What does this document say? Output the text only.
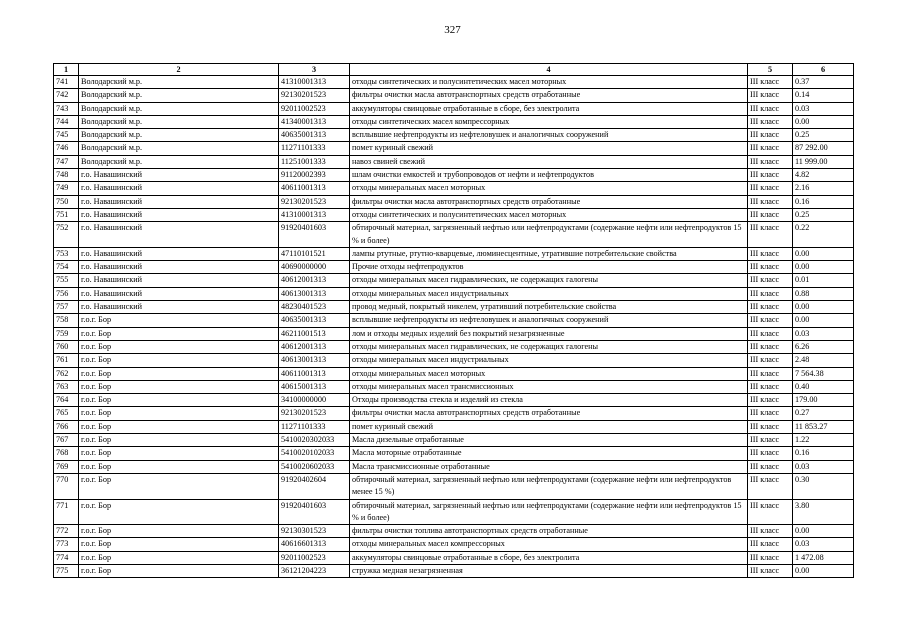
327
1	2	3	4	5	6
741	Володарский м.р.	41310001313	отходы синтетических и полусинтетических масел моторных	III класс	0.37
742	Володарский м.р.	92130201523	фильтры очистки масла автотранспортных средств отработанные	III класс	0.14
743	Володарский м.р.	92011002523	аккумуляторы свинцовые отработанные в сборе, без электролита	III класс	0.03
744	Володарский м.р.	41340001313	отходы синтетических масел компрессорных	III класс	0.00
745	Володарский м.р.	40635001313	всплывшие нефтепродукты из нефтеловушек и аналогичных сооружений	III класс	0.25
746	Володарский м.р.	11271101333	помет куриный свежий	III класс	87 292.00
747	Володарский м.р.	11251001333	навоз свиней свежий	III класс	11 999.00
748	г.о. Навашинский	91120002393	шлам очистки емкостей и трубопроводов от нефти и нефтепродуктов	III класс	4.82
749	г.о. Навашинский	40611001313	отходы минеральных масел моторных	III класс	2.16
750	г.о. Навашинский	92130201523	фильтры очистки масла автотранспортных средств отработанные	III класс	0.16
751	г.о. Навашинский	41310001313	отходы синтетических и полусинтетических масел моторных	III класс	0.25
752	г.о. Навашинский	91920401603	обтирочный материал, загрязненный нефтью или нефтепродуктами (содержание нефти или нефтепродуктов 15 % и более)	III класс	0.22
753	г.о. Навашинский	47110101521	лампы ртутные, ртутно-кварцевые, люминесцентные, утратившие потребительские свойства	III класс	0.00
754	г.о. Навашинский	40690000000	Прочие отходы нефтепродуктов	III класс	0.00
755	г.о. Навашинский	40612001313	отходы минеральных масел гидравлических, не содержащих галогены	III класс	0.01
756	г.о. Навашинский	40613001313	отходы минеральных масел индустриальных	III класс	0.88
757	г.о. Навашинский	48230401523	провод медный, покрытый никелем, утративший потребительские свойства	III класс	0.00
758	г.о.г. Бор	40635001313	всплывшие нефтепродукты из нефтеловушек и аналогичных сооружений	III класс	0.00
759	г.о.г. Бор	46211001513	лом и отходы медных изделий без покрытий незагрязненные	III класс	0.03
760	г.о.г. Бор	40612001313	отходы минеральных масел гидравлических, не содержащих галогены	III класс	6.26
761	г.о.г. Бор	40613001313	отходы минеральных масел индустриальных	III класс	2.48
762	г.о.г. Бор	40611001313	отходы минеральных масел моторных	III класс	7 564.38
763	г.о.г. Бор	40615001313	отходы минеральных масел трансмиссионных	III класс	0.40
764	г.о.г. Бор	34100000000	Отходы производства стекла и изделий из стекла	III класс	179.00
765	г.о.г. Бор	92130201523	фильтры очистки масла автотранспортных средств отработанные	III класс	0.27
766	г.о.г. Бор	11271101333	помет куриный свежий	III класс	11 853.27
767	г.о.г. Бор	5410020302033	Масла дизельные отработанные	III класс	1.22
768	г.о.г. Бор	5410020102033	Масла моторные отработанные	III класс	0.16
769	г.о.г. Бор	5410020602033	Масла трансмиссионные отработанные	III класс	0.03
770	г.о.г. Бор	91920402604	обтирочный материал, загрязненный нефтью или нефтепродуктами (содержание нефти или нефтепродуктов менее 15 %)	III класс	0.30
771	г.о.г. Бор	91920401603	обтирочный материал, загрязненный нефтью или нефтепродуктами (содержание нефти или нефтепродуктов 15 % и более)	III класс	3.80
772	г.о.г. Бор	92130301523	фильтры очистки топлива автотранспортных средств отработанные	III класс	0.00
773	г.о.г. Бор	40616601313	отходы минеральных масел компрессорных	III класс	0.03
774	г.о.г. Бор	92011002523	аккумуляторы свинцовые отработанные в сборе, без электролита	III класс	1 472.08
775	г.о.г. Бор	36121204223	стружка медная незагрязненная	III класс	0.00
